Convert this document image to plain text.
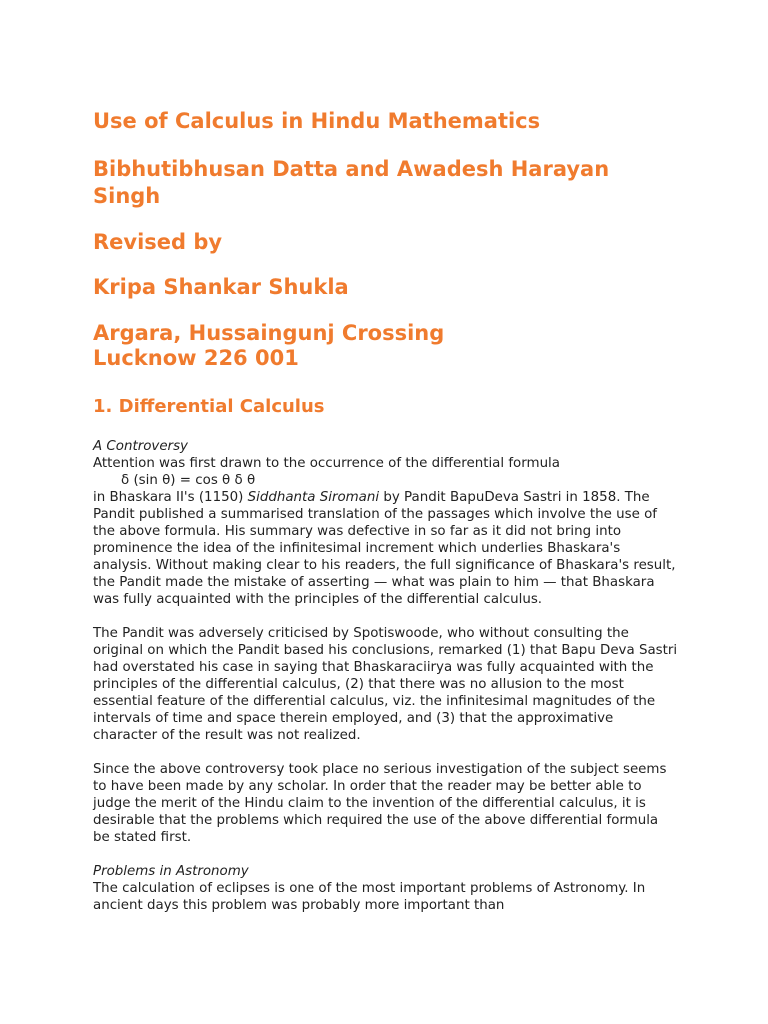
Use of Calculus in Hindu Mathematics
Bibhutibhusan Datta and Awadesh Harayan Singh
Revised by
Kripa Shankar Shukla
Argara, Hussaingunj Crossing
Lucknow 226 001
1. Differential Calculus
A Controversy

Attention was first drawn to the occurrence of the differential formula
δ (sin θ) = cos θ δ θ
in Bhaskara II's (1150) Siddhanta Siromani by Pandit BapuDeva Sastri in 1858. The Pandit published a summarised translation of the passages which involve the use of the above formula. His summary was defective in so far as it did not bring into prominence the idea of the infinitesimal increment which underlies Bhaskara's analysis. Without making clear to his readers, the full significance of Bhaskara's result, the Pandit made the mistake of asserting — what was plain to him — that Bhaskara was fully acquainted with the principles of the differential calculus.

The Pandit was adversely criticised by Spotiswoode, who without consulting the original on which the Pandit based his conclusions, remarked (1) that Bapu Deva Sastri had overstated his case in saying that Bhaskaraciirya was fully acquainted with the principles of the differential calculus, (2) that there was no allusion to the most essential feature of the differential calculus, viz. the infinitesimal magnitudes of the intervals of time and space therein employed, and (3) that the approximative character of the result was not realized.

Since the above controversy took place no serious investigation of the subject seems to have been made by any scholar. In order that the reader may be better able to judge the merit of the Hindu claim to the invention of the differential calculus, it is desirable that the problems which required the use of the above differential formula be stated first.

Problems in Astronomy

The calculation of eclipses is one of the most important problems of Astronomy. In ancient days this problem was probably more important than
